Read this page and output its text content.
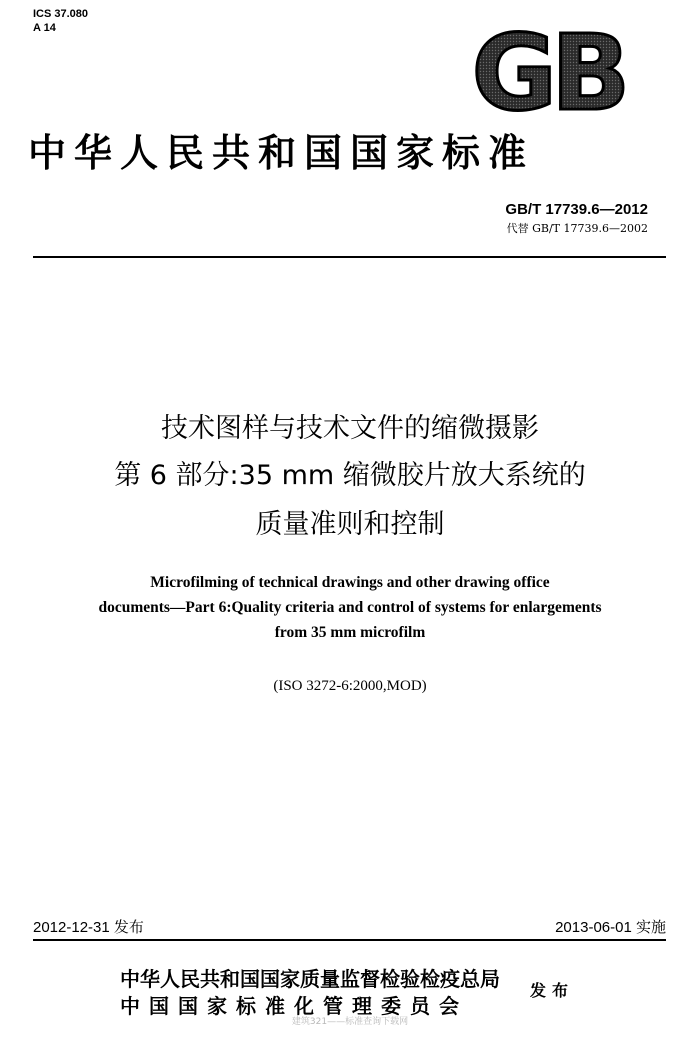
ICS 37.080
A 14	GB
中华人民共和国国家标准
GB/T 17739.6—2012
代替 GB/T 17739.6—2002
技术图样与技术文件的缩微摄影
第 6 部分:35 mm 缩微胶片放大系统的
质量准则和控制
Microfilming of technical drawings and other drawing office
documents—Part 6:Quality criteria and control of systems for enlargements
from 35 mm microfilm
(ISO 3272-6:2000,MOD)
2012-12-31 发布	2013-06-01 实施
中华人民共和国国家质量监督检验检疫总局
中国国家标准化管理委员会
发布
建筑321——标准查询下载网
